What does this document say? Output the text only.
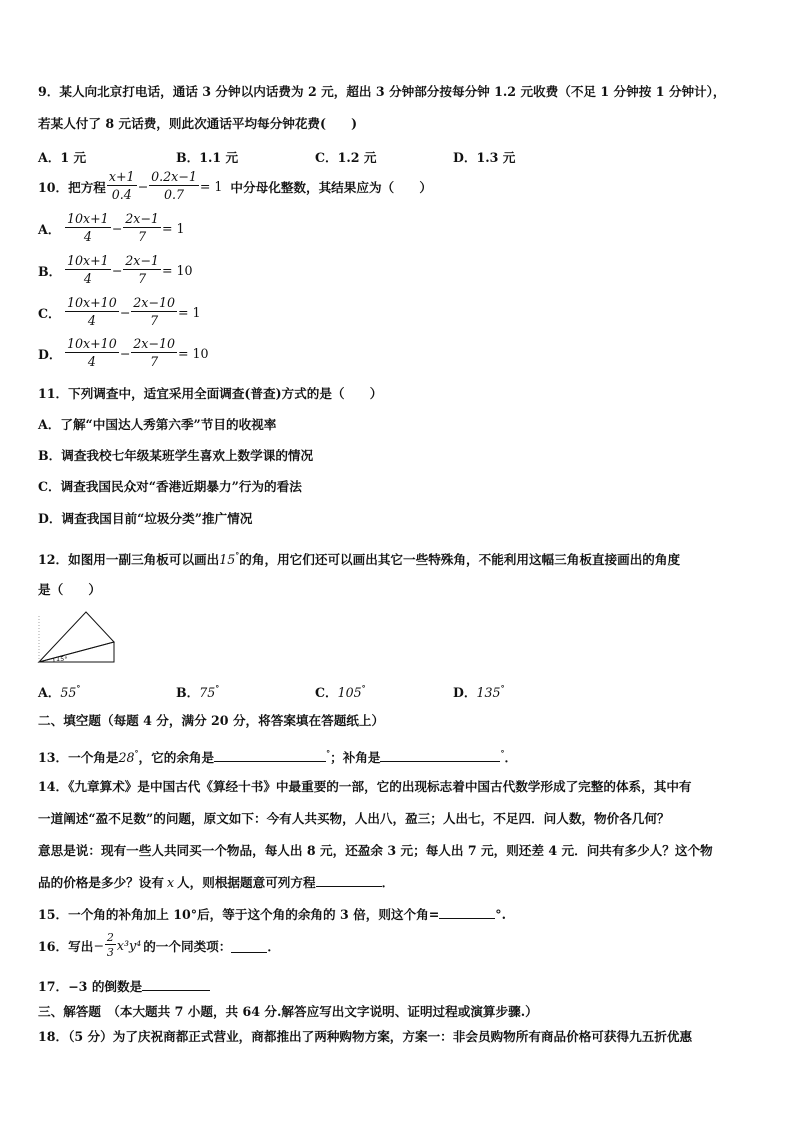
9．某人向北京打电话，通话 3 分钟以内话费为 2 元，超出 3 分钟部分按每分钟 1.2 元收费（不足 1 分钟按 1 分钟计），
若某人付了 8 元话费，则此次通话平均每分钟花费(　　)
A．1 元	B．1.1 元	C．1.2 元	D．1.3 元
10．把方程 $\frac{x+1}{0.4} - \frac{0.2x-1}{0.7} = 1$ 中分母化整数，其结果应为（　　）
A． $\frac{10x+1}{4} - \frac{2x-1}{7} = 1$
B． $\frac{10x+1}{4} - \frac{2x-1}{7} = 10$
C． $\frac{10x+10}{4} - \frac{2x-10}{7} = 1$
D． $\frac{10x+10}{4} - \frac{2x-10}{7} = 10$
11．下列调查中，适宜采用全面调查(普查)方式的是（　　）
A．了解“中国达人秀第六季”节目的收视率
B．调查我校七年级某班学生喜欢上数学课的情况
C．调查我国民众对“香港近期暴力”行为的看法
D．调查我国目前“垃圾分类”推广情况
12．如图用一副三角板可以画出15°的角，用它们还可以画出其它一些特殊角，不能利用这幅三角板直接画出的角度
是（　　）
15°
A．55°	B．75°	C．105°	D．135°
二、填空题（每题 4 分，满分 20 分，将答案填在答题纸上）
13．一个角是28°，它的余角是	°；补角是	°．
14．《九章算术》是中国古代《算经十书》中最重要的一部，它的出现标志着中国古代数学形成了完整的体系，其中有
一道阐述“盈不足数”的问题，原文如下：今有人共买物，人出八，盈三；人出七，不足四．问人数，物价各几何？
意思是说：现有一些人共同买一个物品，每人出 8 元，还盈余 3 元；每人出 7 元，则还差 4 元．问共有多少人？这个物
品的价格是多少？设有 x 人，则根据题意可列方程	．
15．一个角的补角加上 10°后，等于这个角的余角的 3 倍，则这个角=	°.
16．写出 − $\frac{2}{3} x^3y^4$ 的一个同类项：	．
17．−3 的倒数是
三、解答题　（本大题共 7 小题，共 64 分.解答应写出文字说明、证明过程或演算步骤.）
18．（5 分）为了庆祝商都正式营业，商都推出了两种购物方案，方案一：非会员购物所有商品价格可获得九五折优惠
